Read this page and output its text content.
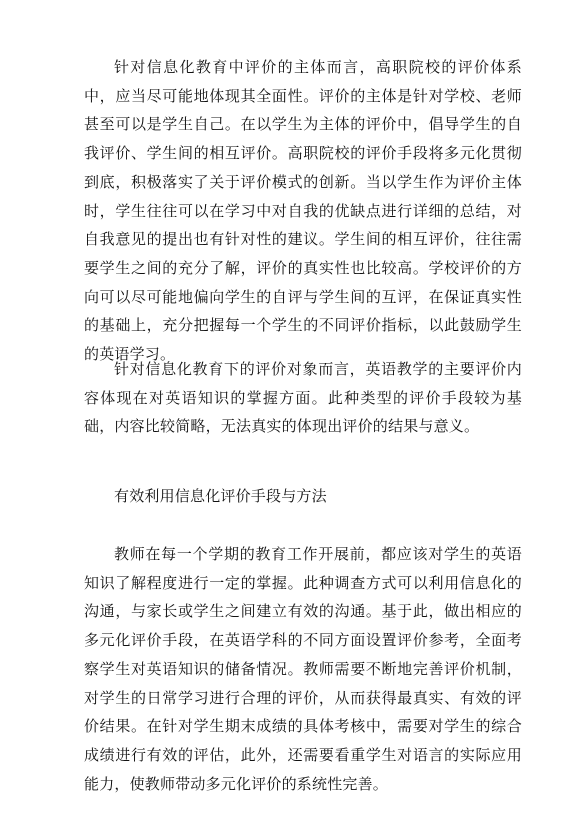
针对信息化教育中评价的主体而言，高职院校的评价体系中，应当尽可能地体现其全面性。评价的主体是针对学校、老师甚至可以是学生自己。在以学生为主体的评价中，倡导学生的自我评价、学生间的相互评价。高职院校的评价手段将多元化贯彻到底，积极落实了关于评价模式的创新。当以学生作为评价主体时，学生往往可以在学习中对自我的优缺点进行详细的总结，对自我意见的提出也有针对性的建议。学生间的相互评价，往往需要学生之间的充分了解，评价的真实性也比较高。学校评价的方向可以尽可能地偏向学生的自评与学生间的互评，在保证真实性的基础上，充分把握每一个学生的不同评价指标，以此鼓励学生的英语学习。

针对信息化教育下的评价对象而言，英语教学的主要评价内容体现在对英语知识的掌握方面。此种类型的评价手段较为基础，内容比较简略，无法真实的体现出评价的结果与意义。

有效利用信息化评价手段与方法

教师在每一个学期的教育工作开展前，都应该对学生的英语知识了解程度进行一定的掌握。此种调查方式可以利用信息化的沟通，与家长或学生之间建立有效的沟通。基于此，做出相应的多元化评价手段，在英语学科的不同方面设置评价参考，全面考察学生对英语知识的储备情况。教师需要不断地完善评价机制，对学生的日常学习进行合理的评价，从而获得最真实、有效的评价结果。在针对学生期末成绩的具体考核中，需要对学生的综合成绩进行有效的评估，此外，还需要看重学生对语言的实际应用能力，使教师带动多元化评价的系统性完善。
